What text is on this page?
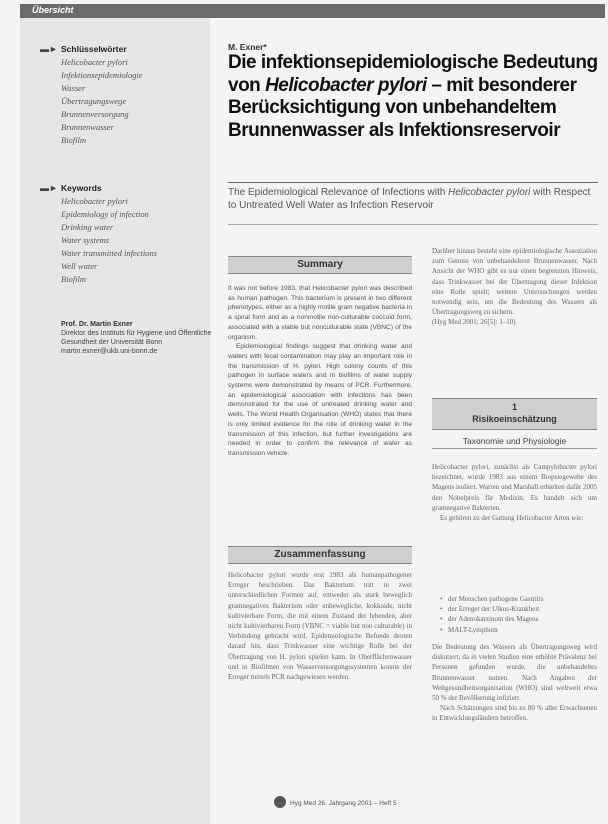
Übersicht
▬► Schlüsselwörter
Helicobacter pylori
Infektionsepidemiologie
Wasser
Übertragungswege
Brunnenversorgung
Brunnenwasser
Biofilm
▬► Keywords
Helicobacter pylori
Epidemiology of infection
Drinking water
Water systems
Water transmitted infections
Well water
Biofilm
Prof. Dr. Martin Exner
Direktor des Instituts für Hygiene und Öffentliche Gesundheit der Universität Bonn martin.exner@ukb.uni-bonn.de
M. Exner*
Die infektionsepidemiologische Bedeutung von Helicobacter pylori – mit besonderer Berücksichtigung von unbehandeltem Brunnenwasser als Infektionsreservoir
The Epidemiological Relevance of Infections with Helicobacter pylori with Respect to Untreated Well Water as Infection Reservoir
Summary

It was not before 1983, that Helicobacter pylori was described as human pathogen. This bacterium is present in two different phenotypes, either as a highly motile gram negative bacteria in a spiral form and as a nonmotile non-culturable coccoid form, associated with a viable but nonculturable state (VBNC) of the organism.

Epidemiological findings suggest that drinking water and waters with fecal contamination may play an important role in the transmission of H. pylori. High colony counts of this pathogen in surface waters and in biofilms of water supply systems were demonstrated by means of PCR. Furthermore, an epidemiological association with infections has been demonstrated for the use of untreated drinking water and wells. The World Health Organisation (WHO) states that there is only limited evidence for the role of drinking water in the transmission of this infection, but further investigations are needed in order to confirm the relevance of water as transmission vehicle.

Zusammenfassung

Helicobacter pylori wurde erst 1983 als humanpathogener Erreger beschrieben. Das Bakterium tritt in zwei unterschiedlichen Formen auf, entweder als stark beweglich gramnegatives Bakterium oder unbewegliche, kokkoide, nicht kultivierbare Form, die mit einem Zustand der lebenden, aber nicht kultivierbaren Form (VBNC = viable but non culturable) in Verbindung gebracht wird. Epidemiologische Befunde deuten darauf hin, dass Trinkwasser eine wichtige Rolle bei der Übertragung von H. pylori spielen kann. In Oberflächenwasser und in Biofilmen von Wasserversorgungssystemen konnte der Erreger mittels PCR nachgewiesen werden.

Darüber hinaus besteht eine epidemiologische Assoziation zum Genuss von unbehandeltem Brunnenwasser. Nach Ansicht der WHO gibt es nur einen begrenzten Hinweis, dass Trinkwasser bei der Übertragung dieser Infektion eine Rolle spielt; weitere Untersuchungen werden notwendig sein, um die Bedeutung des Wassers als Übertragungsweg zu sichern.

(Hyg Med 2001; 26[5]: 1–10)

1
Risikoeinschätzung
Taxonomie und Physiologie

Helicobacter pylori, zunächst als Campylobacter pylori bezeichnet, wurde 1983 aus einem Biopsiegewebe des Magens isoliert. Warren und Marshall erhielten dafür 2005 den Nobelpreis für Medizin. Es handelt sich um gramnegative Bakterien.

Es gehören zu der Gattung Helicobacter Arten wie:

• der Menschen pathogene Gastritis
• der Erreger der Ulkus-Krankheit
• der Adenokarzinom des Magens
• MALT-Lymphom

Die Bedeutung des Wassers als Übertragungsweg wird diskutiert, da in vielen Studien eine erhöhte Prävalenz bei Personen gefunden wurde, die unbehandeltes Brunnenwasser nutzen. Nach Angaben der Weltgesundheitsorganisation (WHO) sind weltweit etwa 50 % der Bevölkerung infiziert.

Nach Schätzungen sind bis zu 80 % aller Erwachsenen in Entwicklungsländern betroffen.

Hyg Med 26. Jahrgang 2001 – Heft 5
